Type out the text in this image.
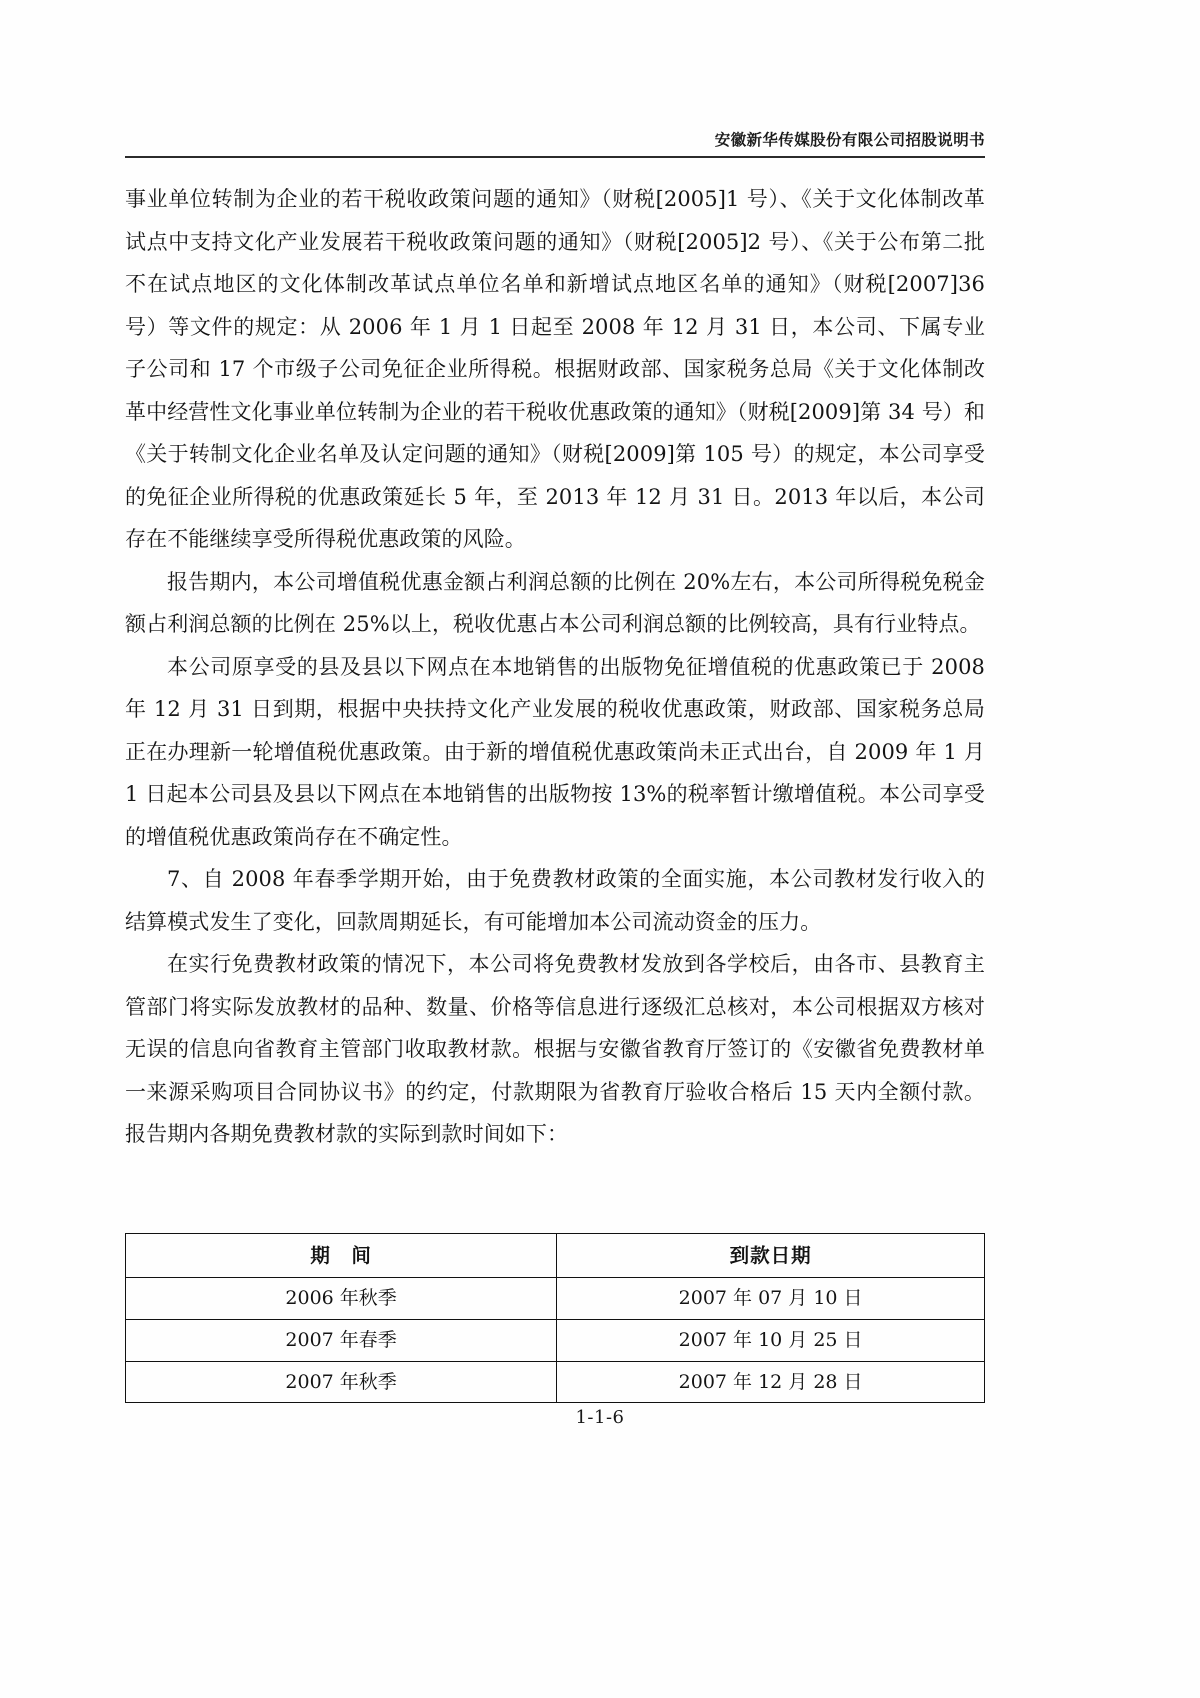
安徽新华传媒股份有限公司招股说明书

事业单位转制为企业的若干税收政策问题的通知》（财税[2005]1 号）、《关于文化体制改革试点中支持文化产业发展若干税收政策问题的通知》（财税[2005]2 号）、《关于公布第二批不在试点地区的文化体制改革试点单位名单和新增试点地区名单的通知》（财税[2007]36 号）等文件的规定：从 2006 年 1 月 1 日起至 2008 年 12 月 31 日，本公司、下属专业子公司和 17 个市级子公司免征企业所得税。根据财政部、国家税务总局《关于文化体制改革中经营性文化事业单位转制为企业的若干税收优惠政策的通知》（财税[2009]第 34 号）和《关于转制文化企业名单及认定问题的通知》（财税[2009]第 105 号）的规定，本公司享受的免征企业所得税的优惠政策延长 5 年，至 2013 年 12 月 31 日。2013 年以后，本公司存在不能继续享受所得税优惠政策的风险。

报告期内，本公司增值税优惠金额占利润总额的比例在 20%左右，本公司所得税免税金额占利润总额的比例在 25%以上，税收优惠占本公司利润总额的比例较高，具有行业特点。

本公司原享受的县及县以下网点在本地销售的出版物免征增值税的优惠政策已于 2008 年 12 月 31 日到期，根据中央扶持文化产业发展的税收优惠政策，财政部、国家税务总局正在办理新一轮增值税优惠政策。由于新的增值税优惠政策尚未正式出台，自 2009 年 1 月 1 日起本公司县及县以下网点在本地销售的出版物按 13%的税率暂计缴增值税。本公司享受的增值税优惠政策尚存在不确定性。

7、自 2008 年春季学期开始，由于免费教材政策的全面实施，本公司教材发行收入的结算模式发生了变化，回款周期延长，有可能增加本公司流动资金的压力。

在实行免费教材政策的情况下，本公司将免费教材发放到各学校后，由各市、县教育主管部门将实际发放教材的品种、数量、价格等信息进行逐级汇总核对，本公司根据双方核对无误的信息向省教育主管部门收取教材款。根据与安徽省教育厅签订的《安徽省免费教材单一来源采购项目合同协议书》的约定，付款期限为省教育厅验收合格后 15 天内全额付款。报告期内各期免费教材款的实际到款时间如下：

期　间	到款日期
2006 年秋季	2007 年 07 月 10 日
2007 年春季	2007 年 10 月 25 日
2007 年秋季	2007 年 12 月 28 日
1-1-6
